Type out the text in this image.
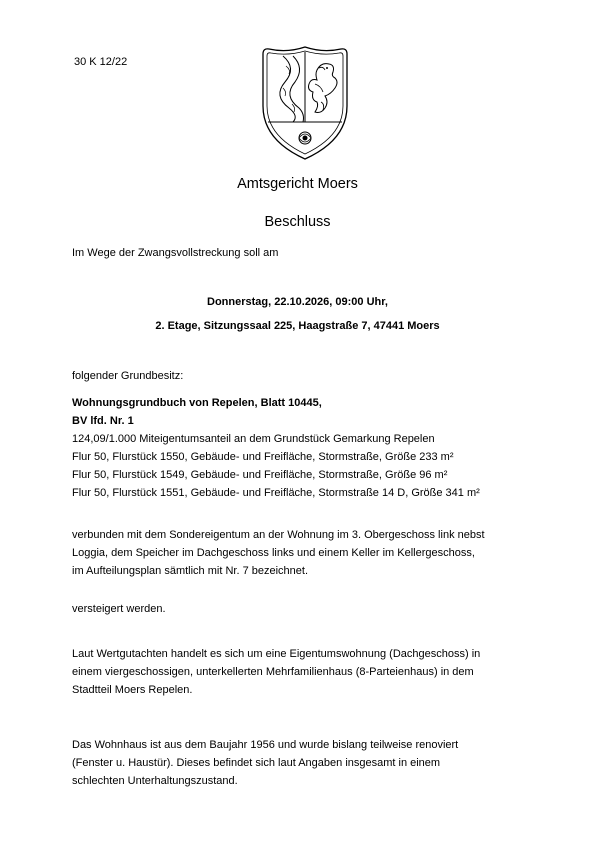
30 K 12/22
Amtsgericht Moers
Beschluss
Im Wege der Zwangsvollstreckung soll am
Donnerstag, 22.10.2026, 09:00 Uhr,
2. Etage, Sitzungssaal 225, Haagstraße 7, 47441 Moers
folgender Grundbesitz:
Wohnungsgrundbuch von Repelen, Blatt 10445,
BV lfd. Nr. 1
124,09/1.000 Miteigentumsanteil an dem Grundstück Gemarkung Repelen
Flur 50, Flurstück 1550, Gebäude- und Freifläche, Stormstraße, Größe 233 m²
Flur 50, Flurstück 1549, Gebäude- und Freifläche, Stormstraße, Größe 96 m²
Flur 50, Flurstück 1551, Gebäude- und Freifläche, Stormstraße 14 D, Größe 341 m²
verbunden mit dem Sondereigentum an der Wohnung im 3. Obergeschoss link nebst
Loggia, dem Speicher im Dachgeschoss links und einem Keller im Kellergeschoss,
im Aufteilungsplan sämtlich mit Nr. 7 bezeichnet.
versteigert werden.
Laut Wertgutachten handelt es sich um eine Eigentumswohnung (Dachgeschoss) in
einem viergeschossigen, unterkellerten Mehrfamilienhaus (8-Parteienhaus) in dem
Stadtteil Moers Repelen.
Das Wohnhaus ist aus dem Baujahr 1956 und wurde bislang teilweise renoviert
(Fenster u. Haustür). Dieses befindet sich laut Angaben insgesamt in einem
schlechten Unterhaltungszustand.
